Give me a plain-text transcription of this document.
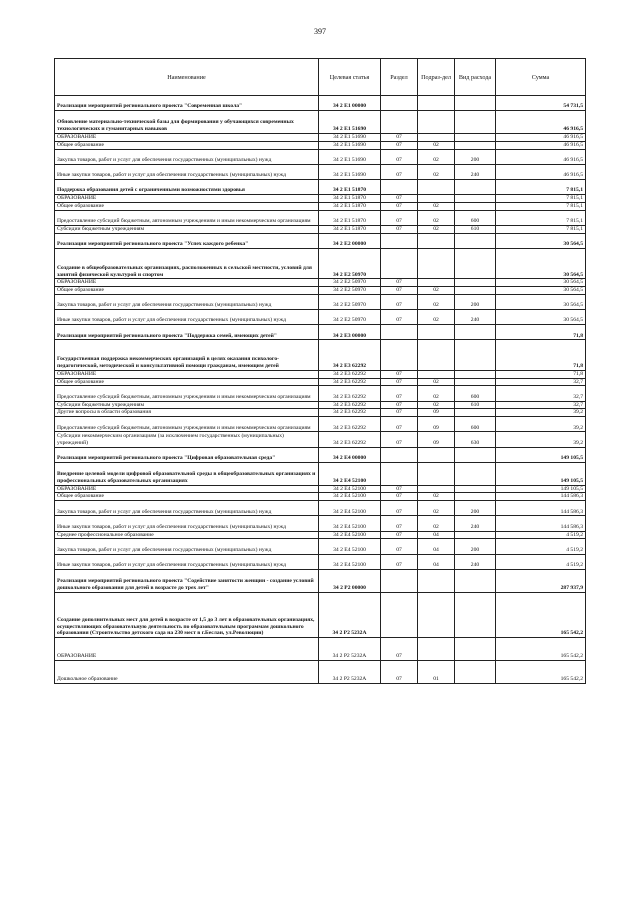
397
Наименование	Целевая статья	Раздел	Подраз-дел	Вид расхода	Сумма
Реализация мероприятий регионального проекта "Современная школа"	34 2 E1 00000				54 731,5
Обновление материально-технической базы для формирования у обучающихся современных технологических и гуманитарных навыков	34 2 E1 51690				46 916,5
ОБРАЗОВАНИЕ	34 2 E1 51690	07			46 916,5
Общее образование	34 2 E1 51690	07	02		46 916,5
Закупка товаров, работ и услуг для обеспечения государственных (муниципальных) нужд	34 2 E1 51690	07	02	200	46 916,5
Иные закупки товаров, работ и услуг для обеспечения государственных (муниципальных) нужд	34 2 E1 51690	07	02	240	46 916,5
Поддержка образования детей с ограниченными возможностями здоровья	34 2 E1 51870				7 815,1
ОБРАЗОВАНИЕ	34 2 E1 51870	07			7 815,1
Общее образование	34 2 E1 51870	07	02		7 815,1
Предоставление субсидий бюджетным, автономным учреждениям и иным некоммерческим организациям	34 2 E1 51870	07	02	600	7 815,1
Субсидии бюджетным учреждениям	34 2 E1 51870	07	02	610	7 815,1
Реализация мероприятий регионального проекта "Успех каждого ребенка"	34 2 E2 00000				30 564,5
Создание в общеобразовательных организациях, расположенных в сельской местности, условий для занятий физической культурой и спортом	34 2 E2 50970				30 564,5
ОБРАЗОВАНИЕ	34 2 E2 50970	07			30 564,5
Общее образование	34 2 E2 50970	07	02		30 564,5
Закупка товаров, работ и услуг для обеспечения государственных (муниципальных) нужд	34 2 E2 50970	07	02	200	30 564,5
Иные закупки товаров, работ и услуг для обеспечения государственных (муниципальных) нужд	34 2 E2 50970	07	02	240	30 564,5
Реализация мероприятий регионального проекта "Поддержка семей, имеющих детей"	34 2 E3 00000				71,8
Государственная поддержка некоммерческих организаций в целях оказания психолого-педагогической, методической и консультативной помощи гражданам, имеющим детей	34 2 E3 62292				71,8
ОБРАЗОВАНИЕ	34 2 E3 62292	07			71,8
Общее образование	34 2 E3 62292	07	02		32,7
Предоставление субсидий бюджетным, автономным учреждениям и иным некоммерческим организациям	34 2 E3 62292	07	02	600	32,7
Субсидии бюджетным учреждениям	34 2 E3 62292	07	02	610	32,7
Другие вопросы в области образования	34 2 E3 62292	07	09		39,2
Предоставление субсидий бюджетным, автономным учреждениям и иным некоммерческим организациям	34 2 E3 62292	07	09	600	39,2
Субсидии некоммерческим организациям (за исключением государственных (муниципальных) учреждений)	34 2 E3 62292	07	09	630	39,2
Реализация мероприятий регионального проекта "Цифровая образовательная среда"	34 2 E4 00000				149 105,5
Внедрение целевой модели цифровой образовательной среды в общеобразовательных организациях и профессиональных образовательных организациях	34 2 E4 52100				149 105,5
ОБРАЗОВАНИЕ	34 2 E4 52100	07			149 105,5
Общее образование	34 2 E4 52100	07	02		144 586,3
Закупка товаров, работ и услуг для обеспечения государственных (муниципальных) нужд	34 2 E4 52100	07	02	200	144 586,3
Иные закупки товаров, работ и услуг для обеспечения государственных (муниципальных) нужд	34 2 E4 52100	07	02	240	144 586,3
Среднее профессиональное образование	34 2 E4 52100	07	04		4 519,2
Закупка товаров, работ и услуг для обеспечения государственных (муниципальных) нужд	34 2 E4 52100	07	04	200	4 519,2
Иные закупки товаров, работ и услуг для обеспечения государственных (муниципальных) нужд	34 2 E4 52100	07	04	240	4 519,2
Реализация мероприятий регионального проекта "Содействие занятости женщин - создание условий дошкольного образования для детей в возрасте до трех лет"	34 2 P2 00000				287 937,9
Создание дополнительных мест для детей в возрасте от 1,5 до 3 лет в образовательных организациях, осуществляющих образовательную деятельность по образовательным программам дошкольного образования (Строительство детского сада на 230 мест в г.Беслан, ул.Революции)	34 2 P2 5232A				165 542,2
ОБРАЗОВАНИЕ	34 2 P2 5232A	07			165 542,2
Дошкольное образование	34 2 P2 5232A	07	01		165 542,2
